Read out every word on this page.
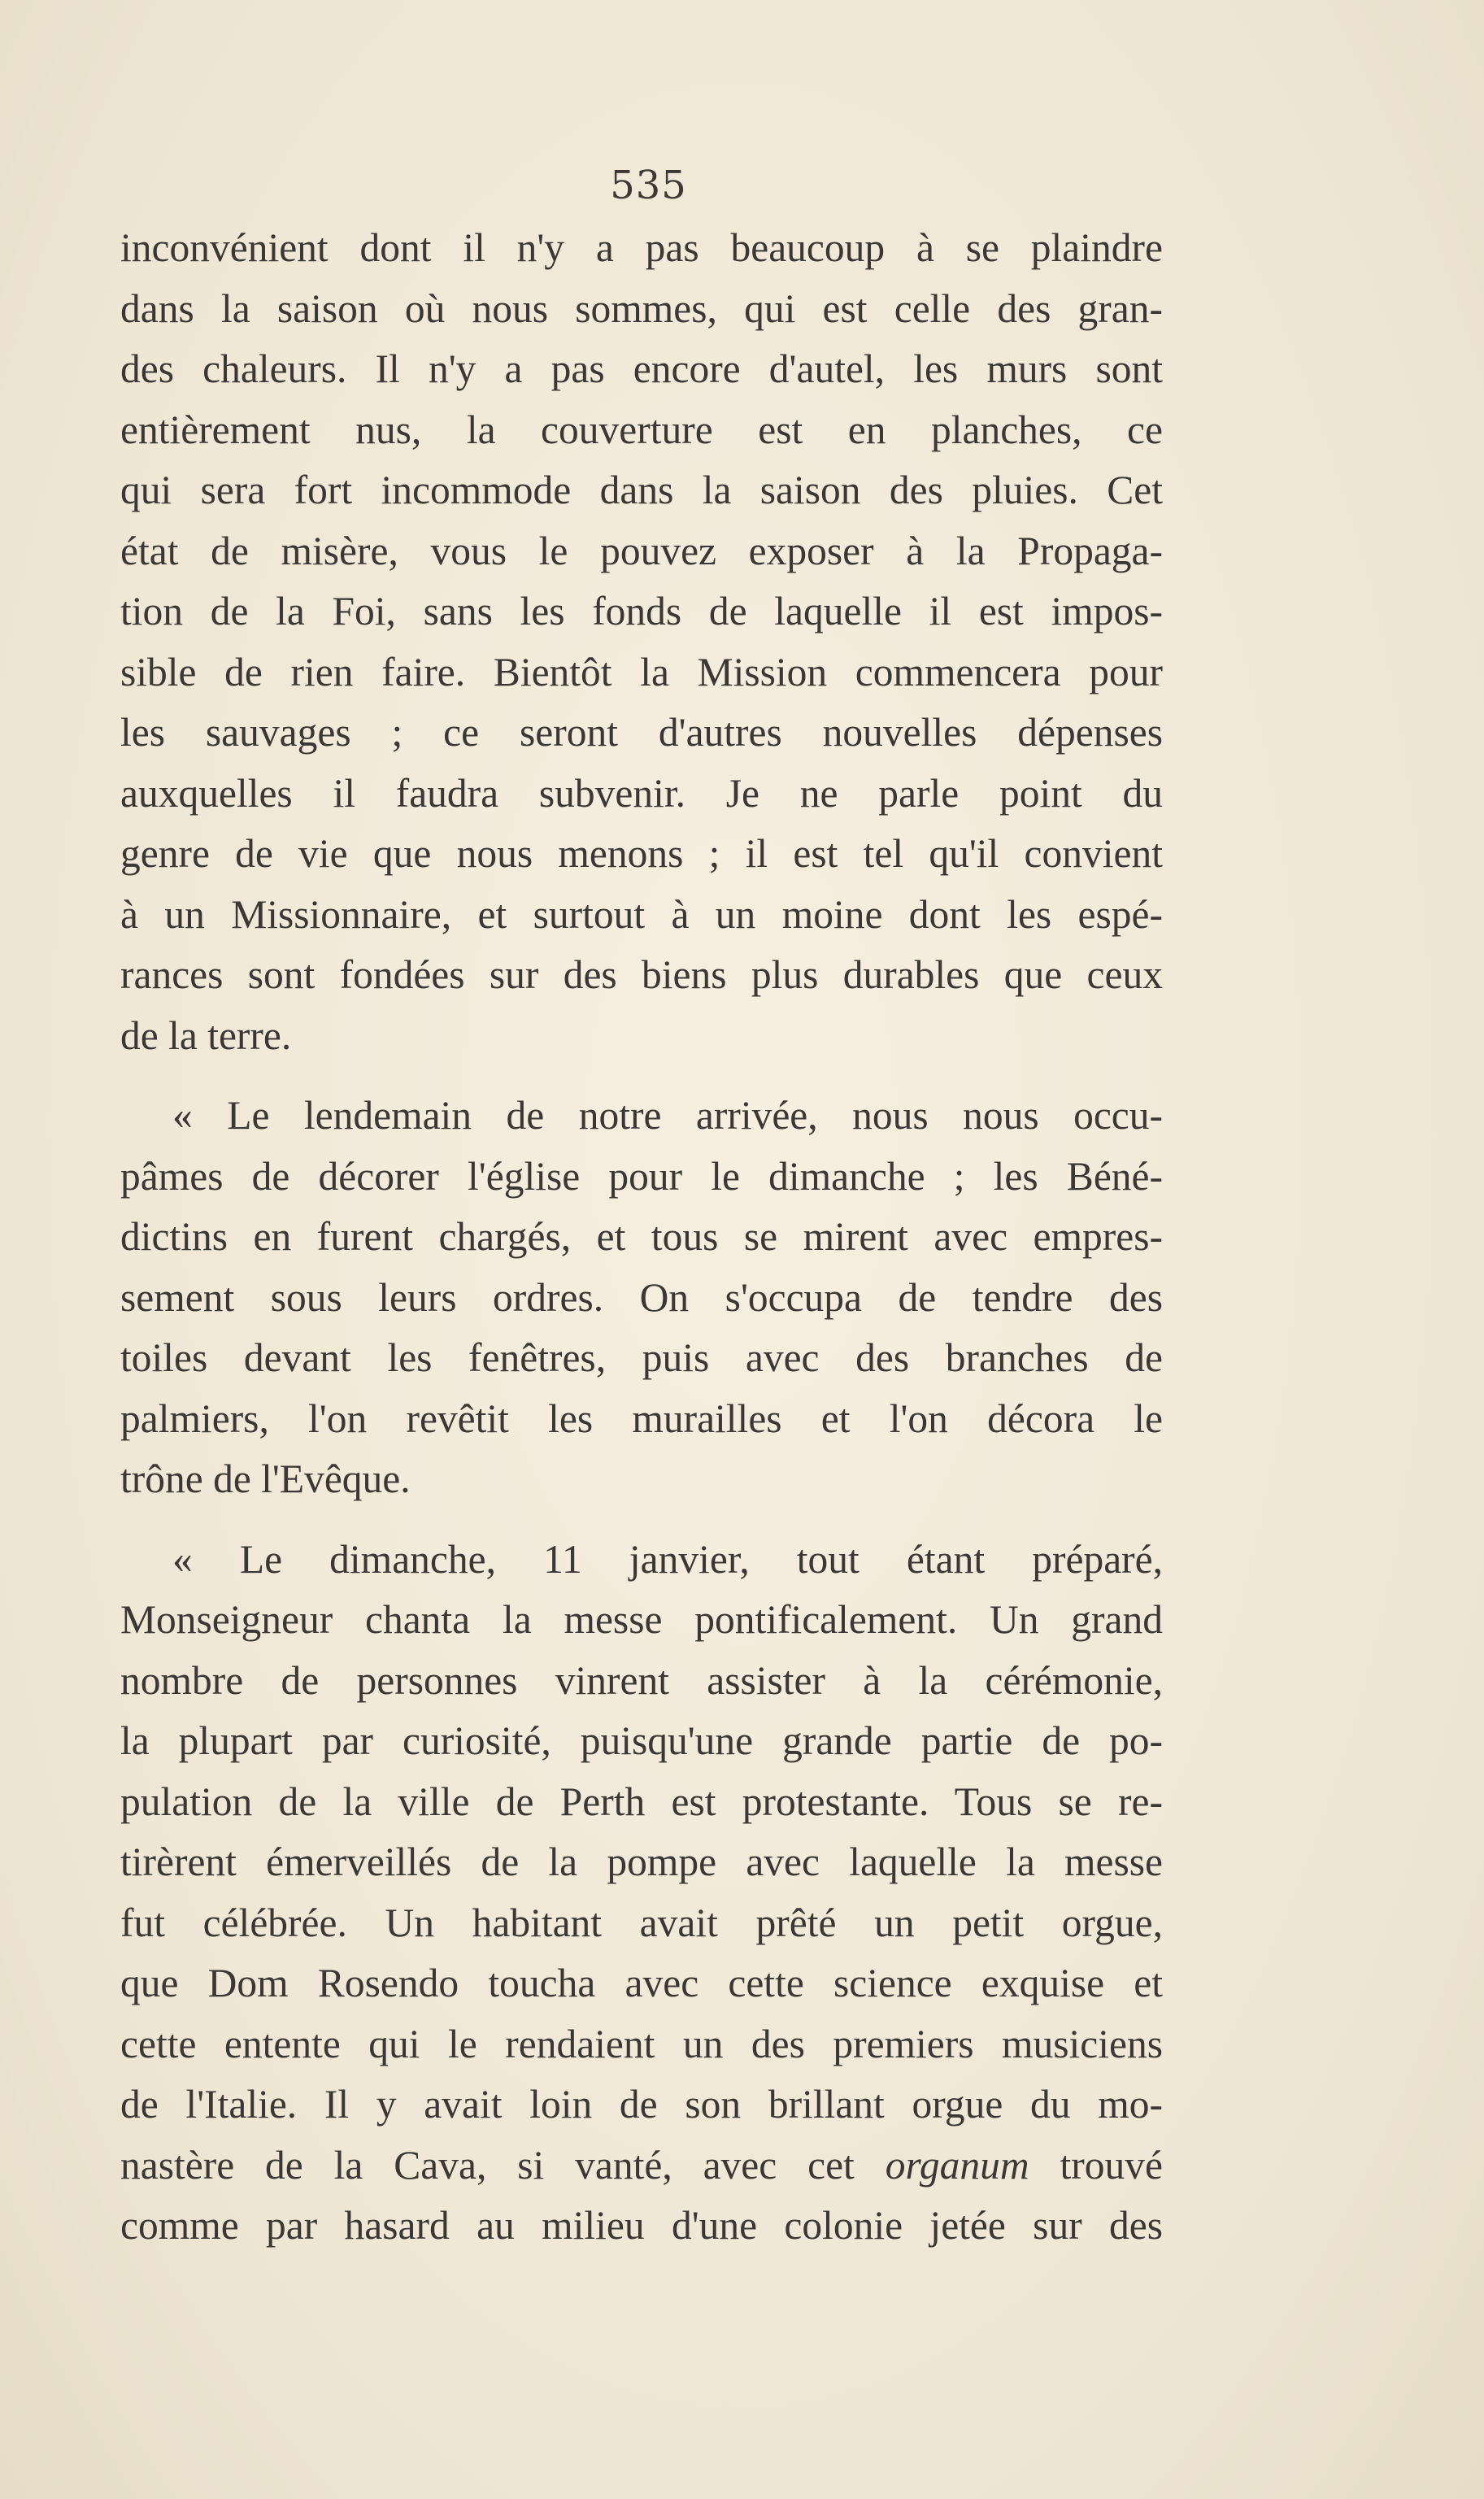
535

inconvénient dont il n'y a pas beaucoup à se plaindre
dans la saison où nous sommes, qui est celle des gran-
des chaleurs. Il n'y a pas encore d'autel, les murs sont
entièrement nus, la couverture est en planches, ce
qui sera fort incommode dans la saison des pluies. Cet
état de misère, vous le pouvez exposer à la Propaga-
tion de la Foi, sans les fonds de laquelle il est impos-
sible de rien faire. Bientôt la Mission commencera pour
les sauvages ; ce seront d'autres nouvelles dépenses
auxquelles il faudra subvenir. Je ne parle point du
genre de vie que nous menons ; il est tel qu'il convient
à un Missionnaire, et surtout à un moine dont les espé-
rances sont fondées sur des biens plus durables que ceux
de la terre.

« Le lendemain de notre arrivée, nous nous occu-
pâmes de décorer l'église pour le dimanche ; les Béné-
dictins en furent chargés, et tous se mirent avec empres-
sement sous leurs ordres. On s'occupa de tendre des
toiles devant les fenêtres, puis avec des branches de
palmiers, l'on revêtit les murailles et l'on décora le
trône de l'Evêque.

« Le dimanche, 11 janvier, tout étant préparé,
Monseigneur chanta la messe pontificalement. Un grand
nombre de personnes vinrent assister à la cérémonie,
la plupart par curiosité, puisqu'une grande partie de po-
pulation de la ville de Perth est protestante. Tous se re-
tirèrent émerveillés de la pompe avec laquelle la messe
fut célébrée. Un habitant avait prêté un petit orgue,
que Dom Rosendo toucha avec cette science exquise et
cette entente qui le rendaient un des premiers musiciens
de l'Italie. Il y avait loin de son brillant orgue du mo-
nastère de la Cava, si vanté, avec cet organum trouvé
comme par hasard au milieu d'une colonie jetée sur des
